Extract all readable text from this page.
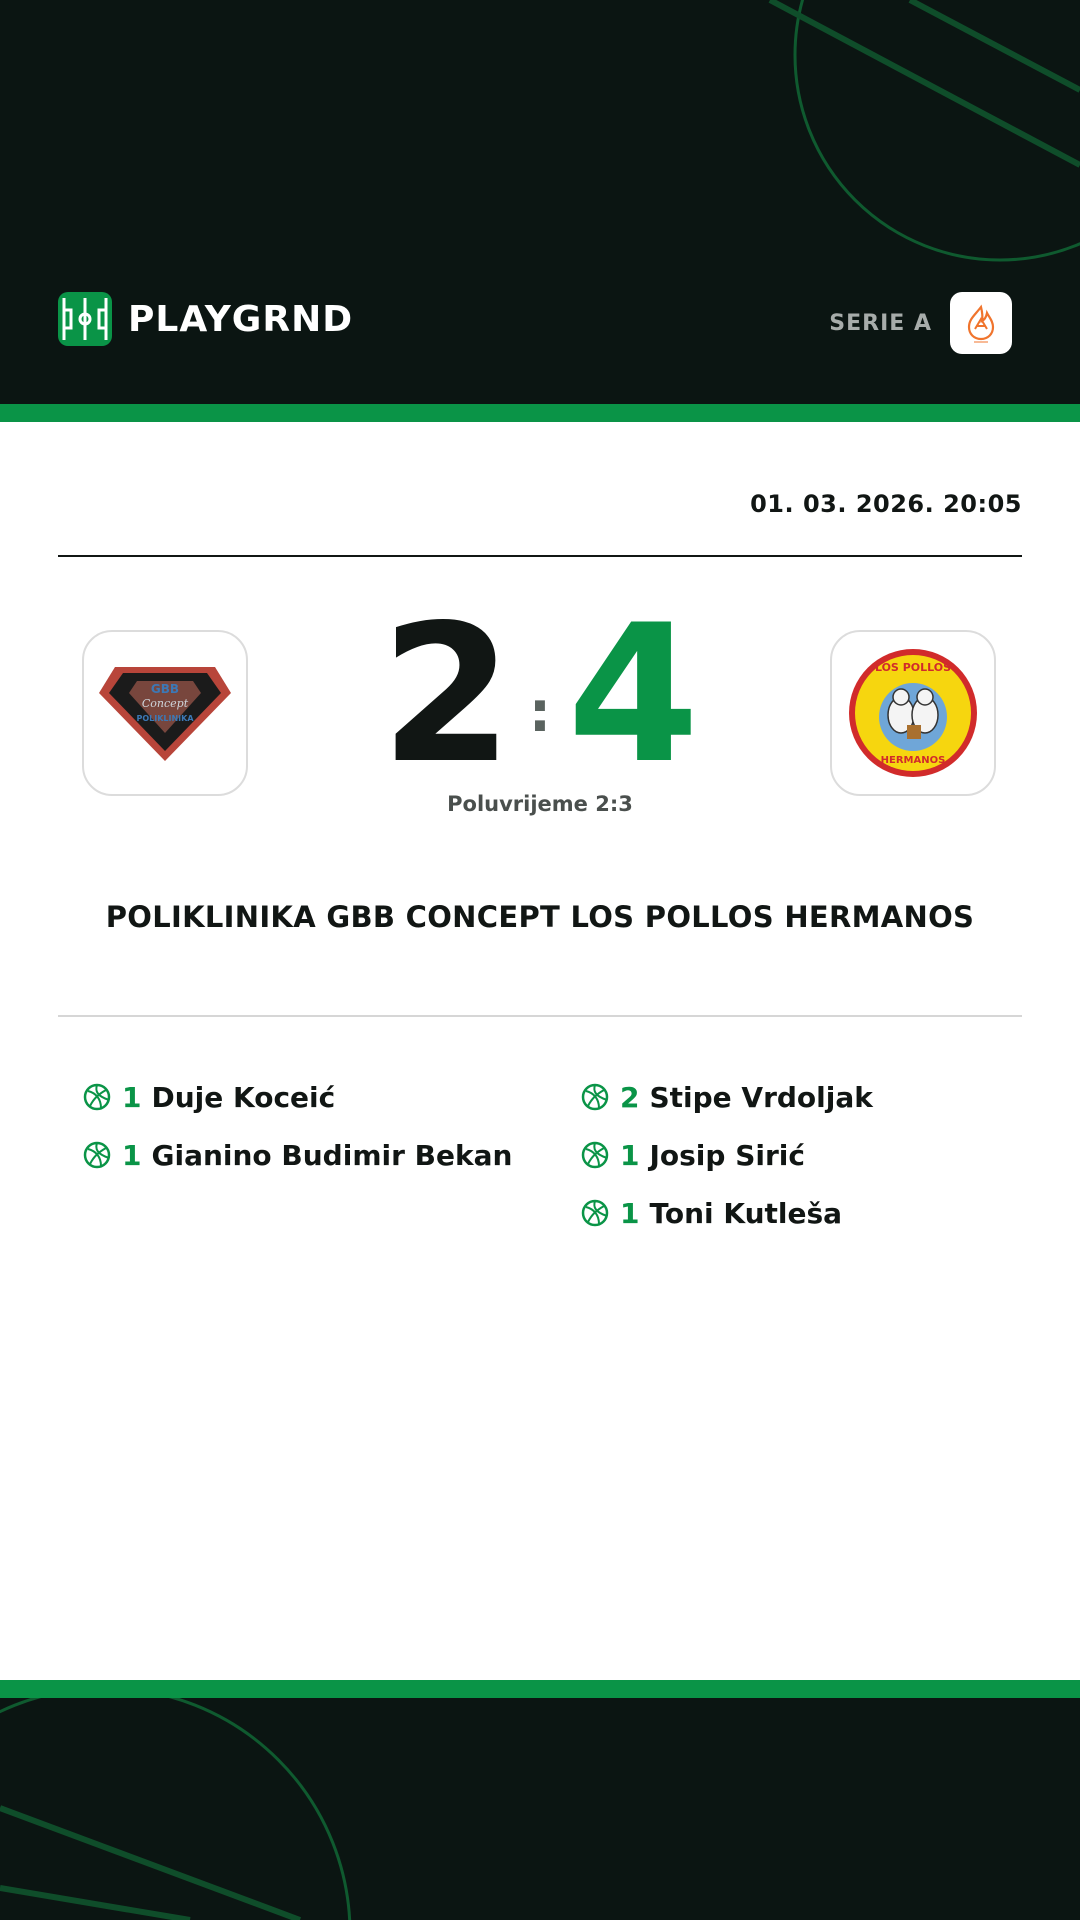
PLAYGRND	SERIE A
01. 03. 2026. 20:05
GBB
Concept
POLIKLINIKA 2 : 4	LOS POLLOS
HERMANOS
Poluvrijeme 2:3
POLIKLINIKA GBB CONCEPT LOS POLLOS HERMANOS
1 Duje Koceić
1 Gianino Budimir Bekan
2 Stipe Vrdoljak
1 Josip Sirić
1 Toni Kutleša
